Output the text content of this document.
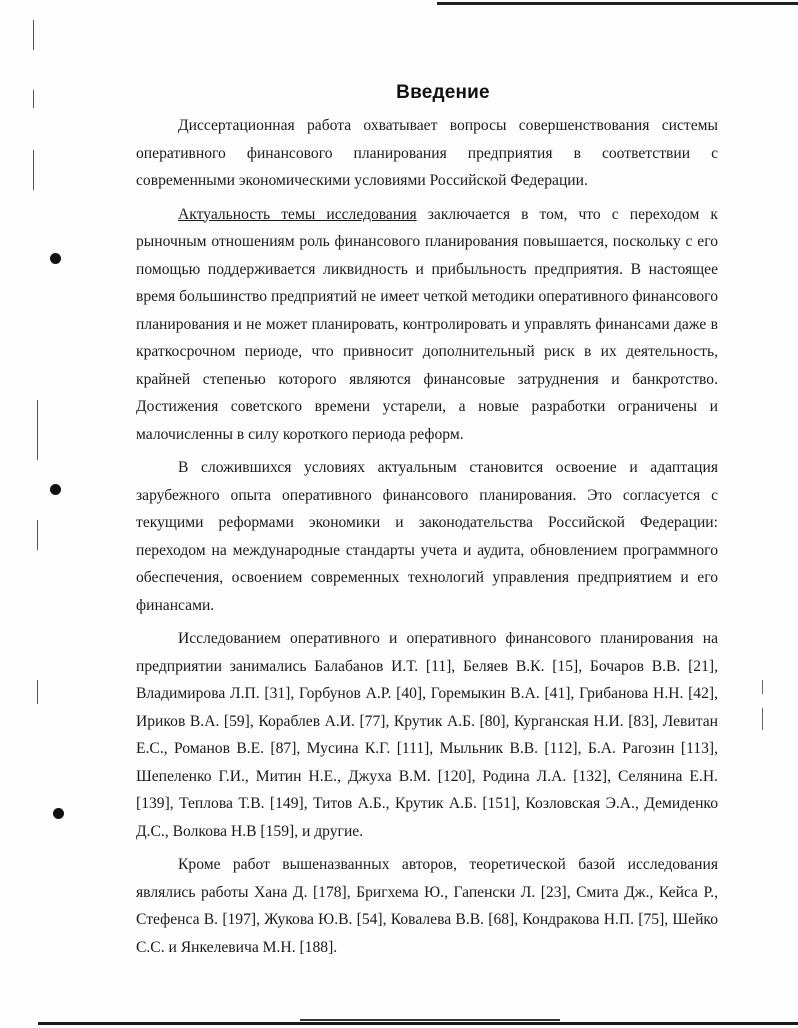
Введение

Диссертационная работа охватывает вопросы совершенствования системы оперативного финансового планирования предприятия в соответствии с современными экономическими условиями Российской Федерации.

Актуальность темы исследования заключается в том, что с переходом к рыночным отношениям роль финансового планирования повышается, поскольку с его помощью поддерживается ликвидность и прибыльность предприятия. В настоящее время большинство предприятий не имеет четкой методики оперативного финансового планирования и не может планировать, контролировать и управлять финансами даже в краткосрочном периоде, что привносит дополнительный риск в их деятельность, крайней степенью которого являются финансовые затруднения и банкротство. Достижения советского времени устарели, а новые разработки ограничены и малочисленны в силу короткого периода реформ.

В сложившихся условиях актуальным становится освоение и адаптация зарубежного опыта оперативного финансового планирования. Это согласуется с текущими реформами экономики и законодательства Российской Федерации: переходом на международные стандарты учета и аудита, обновлением программного обеспечения, освоением современных технологий управления предприятием и его финансами.

Исследованием оперативного и оперативного финансового планирования на предприятии занимались Балабанов И.Т. [11], Беляев В.К. [15], Бочаров В.В. [21], Владимирова Л.П. [31], Горбунов А.Р. [40], Горемыкин В.А. [41], Грибанова Н.Н. [42], Ириков В.А. [59], Кораблев А.И. [77], Крутик А.Б. [80], Курганская Н.И. [83], Левитан Е.С., Романов В.Е. [87], Мусина К.Г. [111], Мыльник В.В. [112], Б.А. Рагозин [113], Шепеленко Г.И., Митин Н.Е., Джуха В.М. [120], Родина Л.А. [132], Селянина Е.Н. [139], Теплова Т.В. [149], Титов А.Б., Крутик А.Б. [151], Козловская Э.А., Демиденко Д.С., Волкова Н.В [159], и другие.

Кроме работ вышеназванных авторов, теоретической базой исследования являлись работы Хана Д. [178], Бригхема Ю., Гапенски Л. [23], Смита Дж., Кейса Р., Стефенса В. [197], Жукова Ю.В. [54], Ковалева В.В. [68], Кондракова Н.П. [75], Шейко С.С. и Янкелевича М.Н. [188].
